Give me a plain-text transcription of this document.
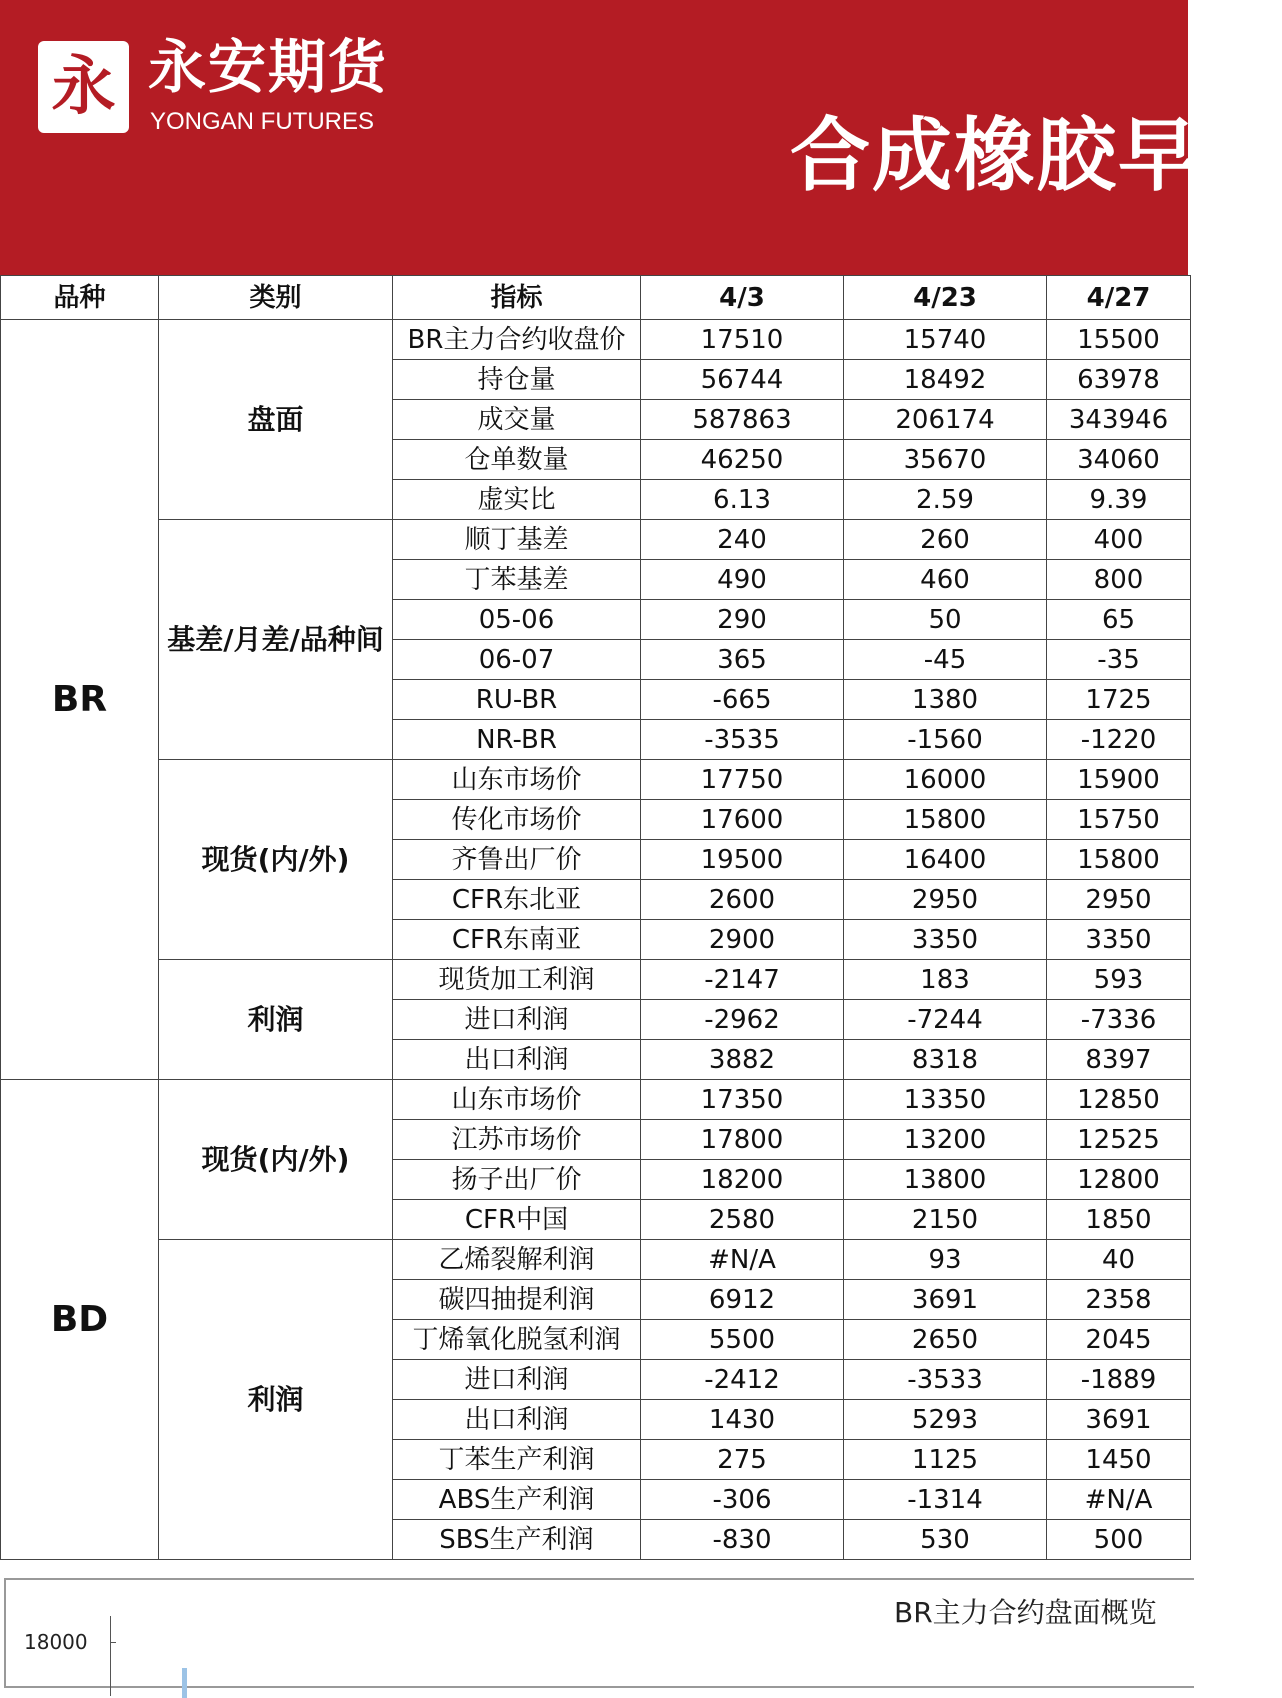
永 永安期货
YONGAN FUTURES	合成橡胶早报
品种	类别	指标	4/3	4/23	4/27
BR	盘面	BR主力合约收盘价	17510	15740	15500
		持仓量	56744	18492	63978
		成交量	587863	206174	343946
		仓单数量	46250	35670	34060
		虚实比	6.13	2.59	9.39
	基差/月差/品种间	顺丁基差	240	260	400
		丁苯基差	490	460	800
		05-06	290	50	65
		06-07	365	-45	-35
		RU-BR	-665	1380	1725
		NR-BR	-3535	-1560	-1220
	现货(内/外)	山东市场价	17750	16000	15900
		传化市场价	17600	15800	15750
		齐鲁出厂价	19500	16400	15800
		CFR东北亚	2600	2950	2950
		CFR东南亚	2900	3350	3350
	利润	现货加工利润	-2147	183	593
		进口利润	-2962	-7244	-7336
		出口利润	3882	8318	8397
BD	现货(内/外)	山东市场价	17350	13350	12850
		江苏市场价	17800	13200	12525
		扬子出厂价	18200	13800	12800
		CFR中国	2580	2150	1850
	利润	乙烯裂解利润	#N/A	93	40
		碳四抽提利润	6912	3691	2358
		丁烯氧化脱氢利润	5500	2650	2045
		进口利润	-2412	-3533	-1889
		出口利润	1430	5293	3691
		丁苯生产利润	275	1125	1450
		ABS生产利润	-306	-1314	#N/A
		SBS生产利润	-830	530	500
18000
BR主力合约盘面概览
